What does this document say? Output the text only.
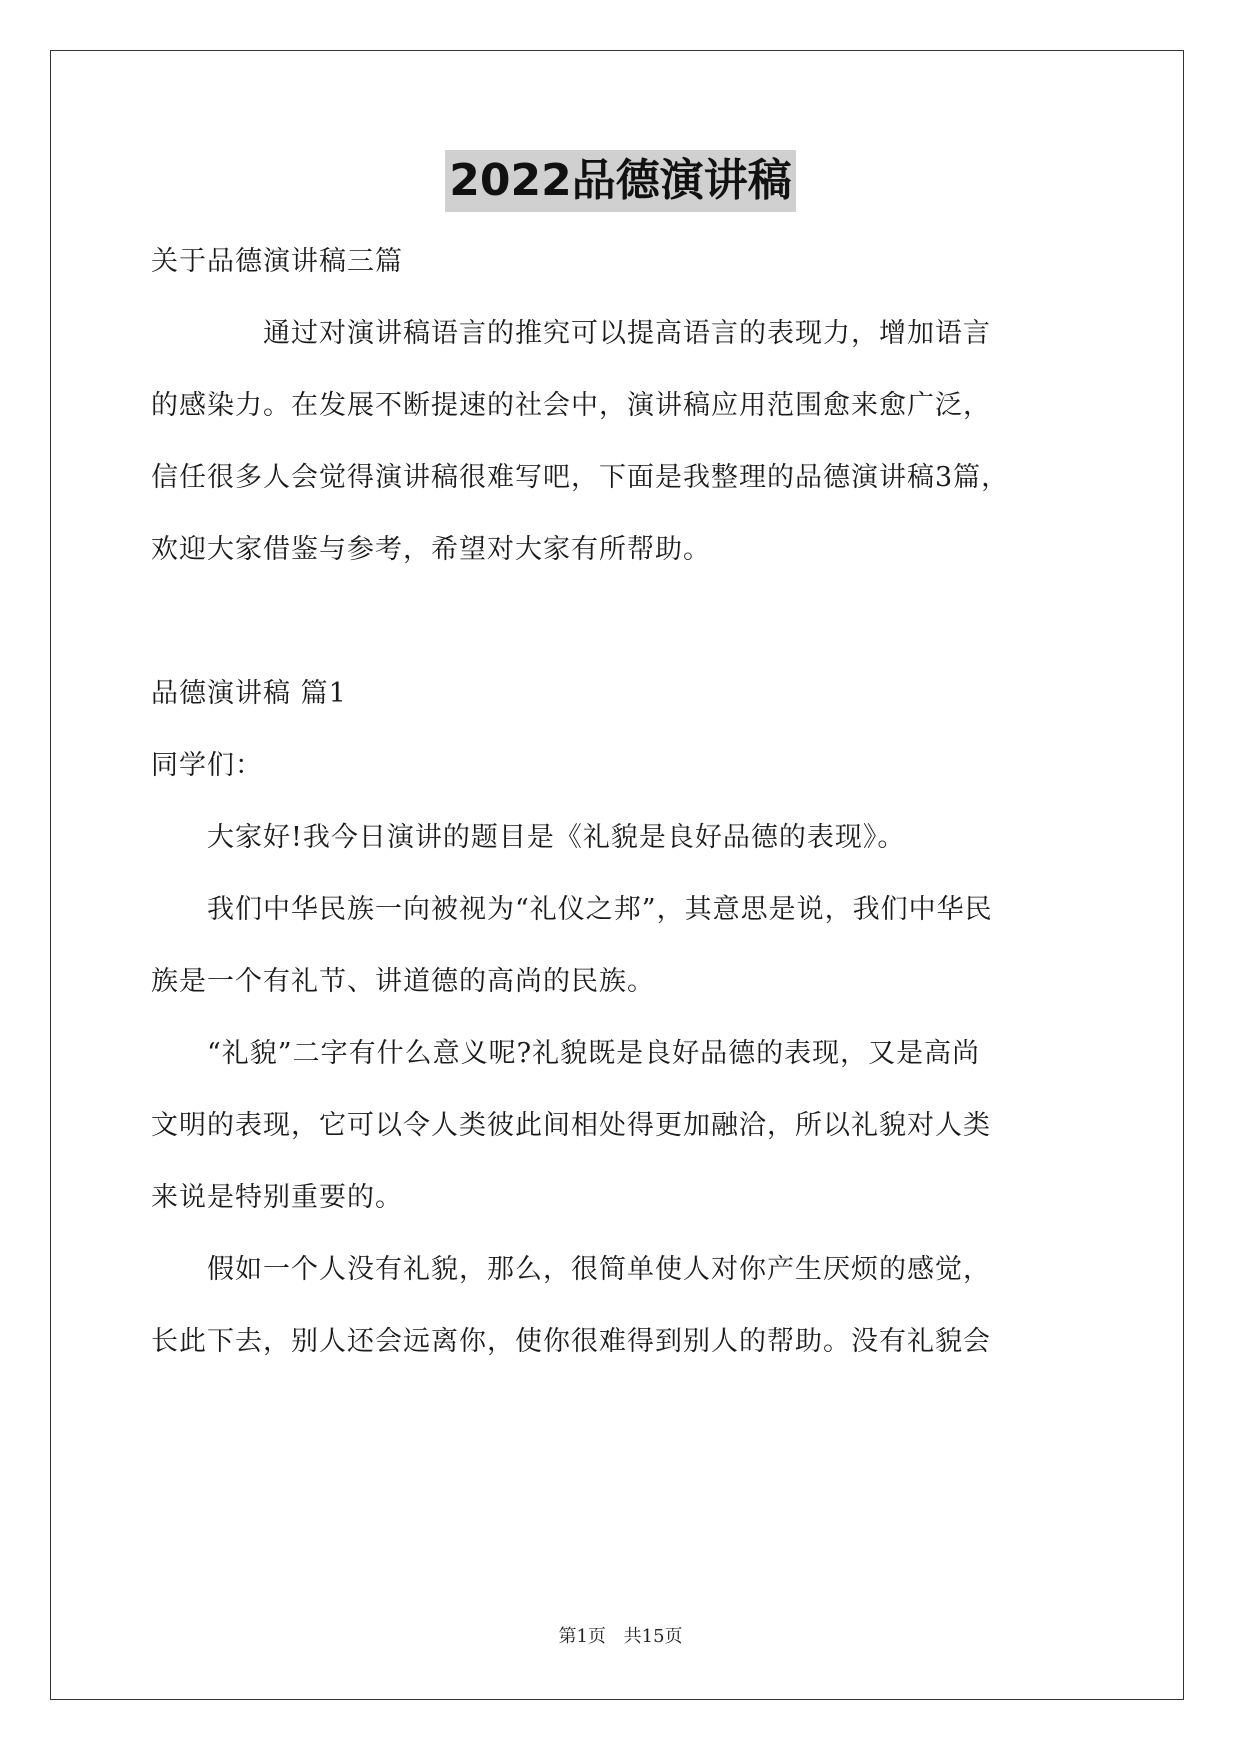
2022品德演讲稿
关于品德演讲稿三篇
通过对演讲稿语言的推究可以提高语言的表现力，增加语言
的感染力。在发展不断提速的社会中，演讲稿应用范围愈来愈广泛，
信任很多人会觉得演讲稿很难写吧，下面是我整理的品德演讲稿3篇，
欢迎大家借鉴与参考，希望对大家有所帮助。
品德演讲稿 篇1
同学们：
大家好!我今日演讲的题目是《礼貌是良好品德的表现》。
我们中华民族一向被视为“礼仪之邦”，其意思是说，我们中华民
族是一个有礼节、讲道德的高尚的民族。
“礼貌”二字有什么意义呢?礼貌既是良好品德的表现，又是高尚
文明的表现，它可以令人类彼此间相处得更加融洽，所以礼貌对人类
来说是特别重要的。
假如一个人没有礼貌，那么，很简单使人对你产生厌烦的感觉，
长此下去，别人还会远离你，使你很难得到别人的帮助。没有礼貌会
第1页 共15页
